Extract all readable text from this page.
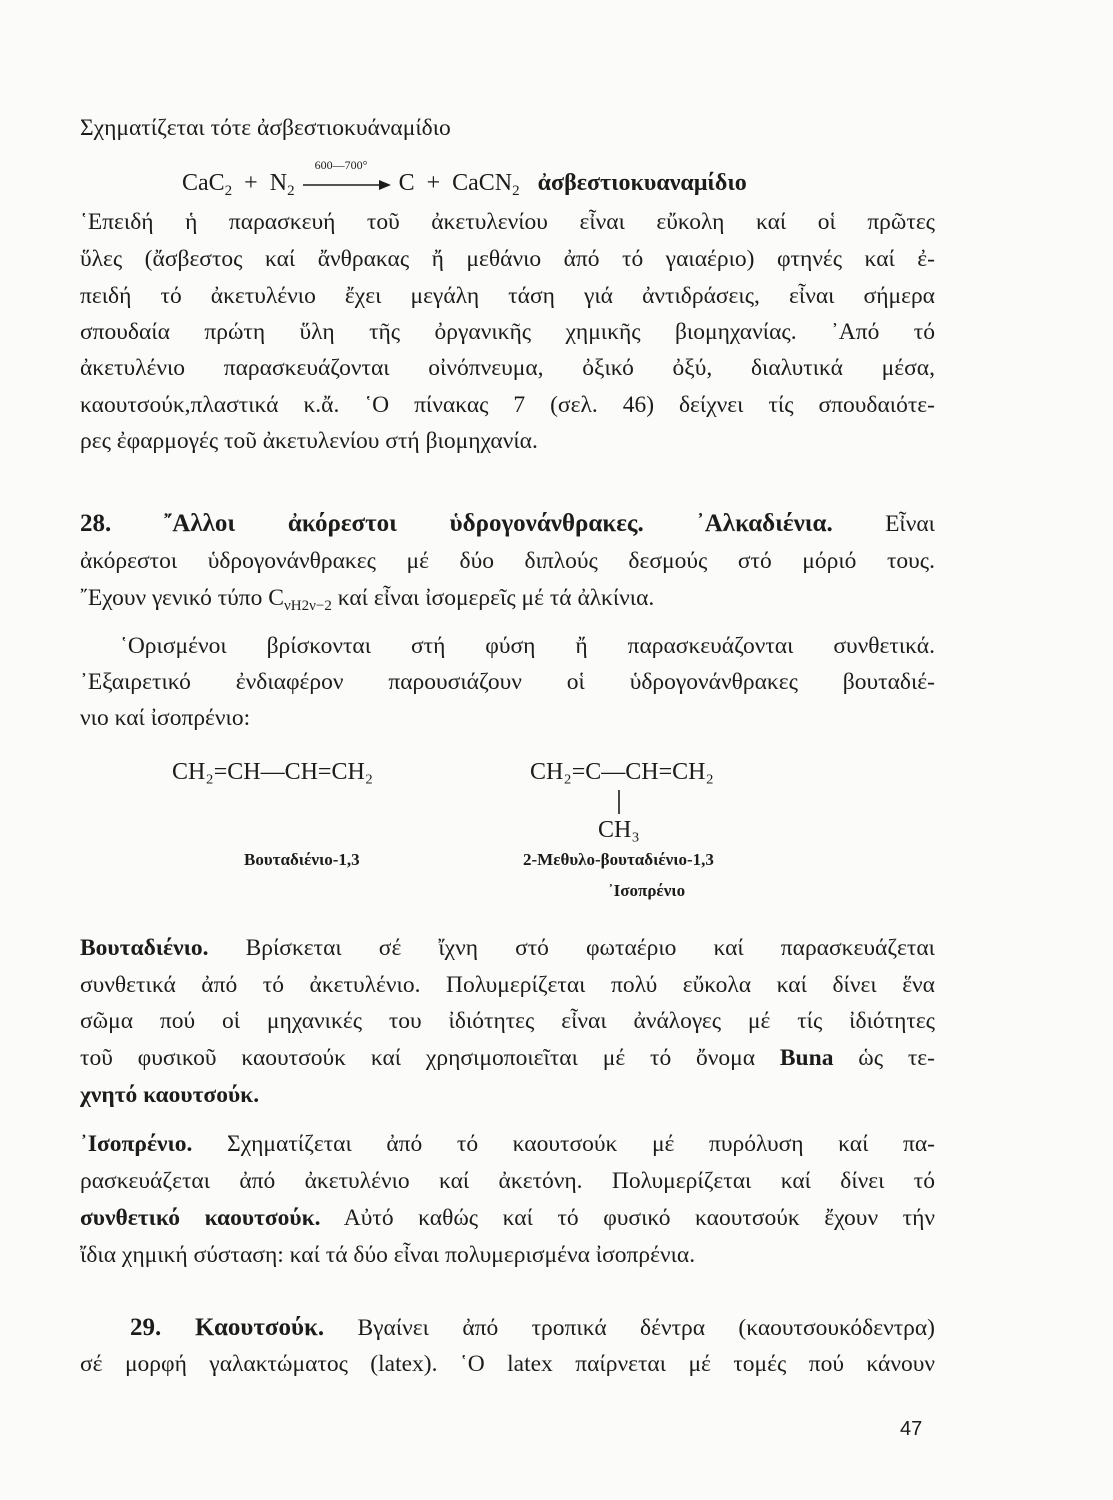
Σχηματίζεται τότε ἀσβεστιοκυάναμίδιο
$CaC_2 + N_2$
600—700°
C + CaCN$_2$ ἀσβεστιοκυαναμίδιο
῾Επειδή ἡ παρασκευή τοῦ ἀκετυλενίου εἶναι εὔκολη καί οἱ πρῶτες
ὕλες (ἄσβεστος καί ἄνθρακας ἤ μεθάνιο ἀπό τό γαιαέριο) φτηνές καί ἐ-
πειδή τό ἀκετυλένιο ἔχει μεγάλη τάση γιά ἀντιδράσεις, εἶναι σήμερα
σπουδαία πρώτη ὕλη τῆς ὀργανικῆς χημικῆς βιομηχανίας. ᾿Από τό
ἀκετυλένιο παρασκευάζονται οἰνόπνευμα, ὀξικό ὀξύ, διαλυτικά μέσα,
καουτσούκ,πλαστικά κ.ἄ. ῾Ο πίνακας 7 (σελ. 46) δείχνει τίς σπουδαιότε-
ρες ἐφαρμογές τοῦ ἀκετυλενίου στή βιομηχανία.
28. ῎Αλλοι ἀκόρεστοι ὑδρογονάνθρακες. ᾿Αλκαδιένια. Εἶναι
ἀκόρεστοι ὑδρογονάνθρακες μέ δύο διπλούς δεσμούς στό μόριό τους.
῎Εχουν γενικό τύπο $C_{\nu H2\nu-2}$ καί εἶναι ἰσομερεῖς μέ τά ἀλκίνια.
῾Ορισμένοι βρίσκονται στή φύση ἤ παρασκευάζονται συνθετικά.
᾿Εξαιρετικό ἐνδιαφέρον παρουσιάζουν οἱ ὑδρογονάνθρακες βουταδιέ-
νιο καί ἰσοπρένιο:
CH₂=CH—CH=CH₂	CH₂=C—CH=CH₂
CH₃
Βουταδιένιο-1,3	2-Μεθυλο-βουταδιένιο-1,3
᾿Ισοπρένιο
Βουταδιένιο. Βρίσκεται σέ ἴχνη στό φωταέριο καί παρασκευάζεται
συνθετικά ἀπό τό ἀκετυλένιο. Πολυμερίζεται πολύ εὔκολα καί δίνει ἕνα
σῶμα πού οἱ μηχανικές του ἰδιότητες εἶναι ἀνάλογες μέ τίς ἰδιότητες
τοῦ φυσικοῦ καουτσούκ καί χρησιμοποιεῖται μέ τό ὄνομα Buna ὡς τε-
χνητό καουτσούκ.
᾿Ισοπρένιο. Σχηματίζεται ἀπό τό καουτσούκ μέ πυρόλυση καί πα-
ρασκευάζεται ἀπό ἀκετυλένιο καί ἀκετόνη. Πολυμερίζεται καί δίνει τό
συνθετικό καουτσούκ. Αὐτό καθώς καί τό φυσικό καουτσούκ ἔχουν τήν
ἴδια χημική σύσταση: καί τά δύο εἶναι πολυμερισμένα ἰσοπρένια.
29. Καουτσούκ. Βγαίνει ἀπό τροπικά δέντρα (καουτσουκόδεντρα)
σέ μορφή γαλακτώματος (latex). ῾Ο latex παίρνεται μέ τομές πού κάνουν
47
